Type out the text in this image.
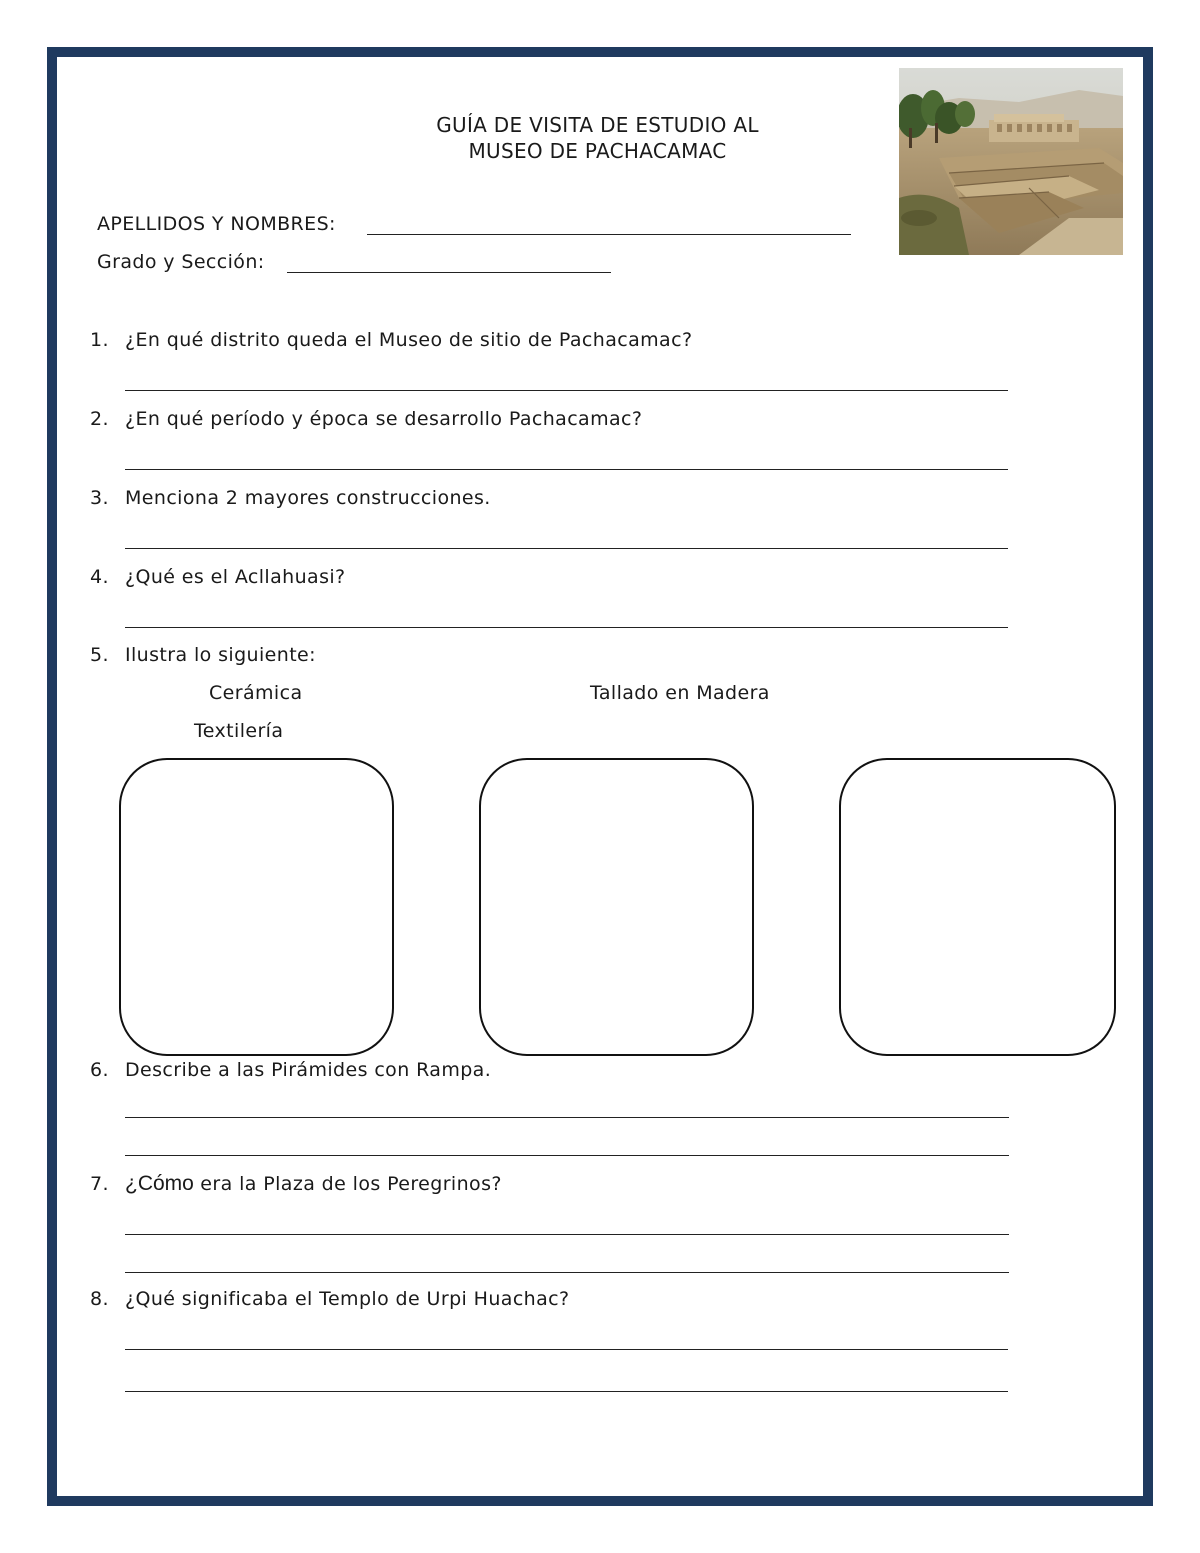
GUÍA DE VISITA DE ESTUDIO AL
MUSEO DE PACHACAMAC
APELLIDOS Y NOMBRES:
Grado y Sección:
1. ¿En qué distrito queda el Museo de sitio de Pachacamac?
2. ¿En qué período y época se desarrollo Pachacamac?
3. Menciona 2 mayores construcciones.
4. ¿Qué es el Acllahuasi?
5. Ilustra lo siguiente:
Cerámica	Tallado en Madera
Textilería
6. Describe a las Pirámides con Rampa.
7. ¿Cómo era la Plaza de los Peregrinos?
8. ¿Qué significaba el Templo de Urpi Huachac?
